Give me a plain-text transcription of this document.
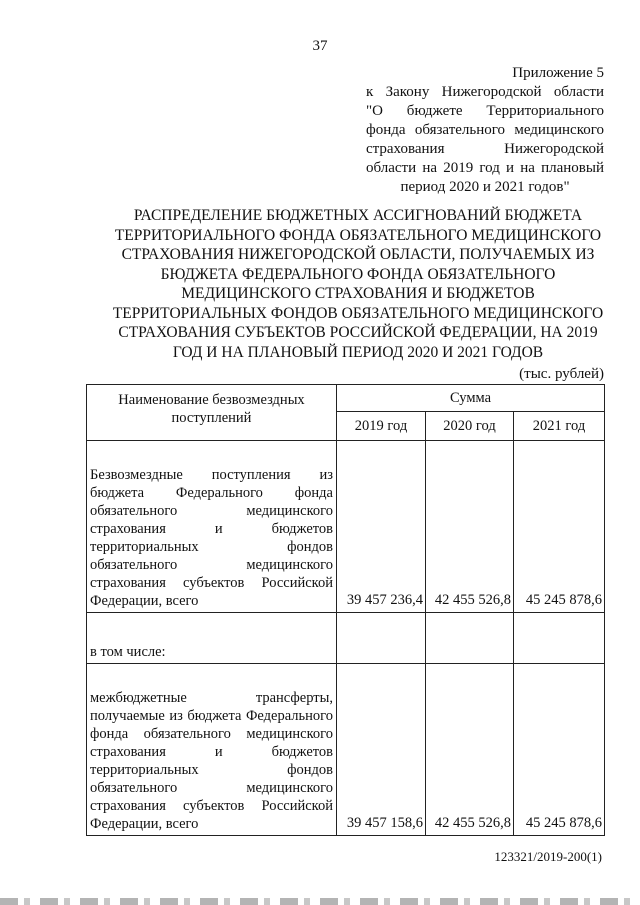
37
Приложение 5
к Закону Нижегородской области
"О бюджете Территориального
фонда обязательного медицинского
страхования Нижегородской
области на 2019 год и на плановый
период 2020 и 2021 годов"
РАСПРЕДЕЛЕНИЕ БЮДЖЕТНЫХ АССИГНОВАНИЙ БЮДЖЕТА
ТЕРРИТОРИАЛЬНОГО ФОНДА ОБЯЗАТЕЛЬНОГО МЕДИЦИНСКОГО
СТРАХОВАНИЯ НИЖЕГОРОДСКОЙ ОБЛАСТИ, ПОЛУЧАЕМЫХ ИЗ
БЮДЖЕТА ФЕДЕРАЛЬНОГО ФОНДА ОБЯЗАТЕЛЬНОГО
МЕДИЦИНСКОГО СТРАХОВАНИЯ И БЮДЖЕТОВ
ТЕРРИТОРИАЛЬНЫХ ФОНДОВ ОБЯЗАТЕЛЬНОГО МЕДИЦИНСКОГО
СТРАХОВАНИЯ СУБЪЕКТОВ РОССИЙСКОЙ ФЕДЕРАЦИИ, НА 2019
ГОД И НА ПЛАНОВЫЙ ПЕРИОД 2020 И 2021 ГОДОВ
(тыс. рублей)
Наименование безвозмездных поступлений	Сумма		
	2019 год	2020 год	2021 год
Безвозмездные поступления из бюджета Федерального фонда обязательного медицинского страхования и бюджетов территориальных фондов обязательного медицинского страхования субъектов Российской Федерации, всего	39 457 236,4	42 455 526,8	45 245 878,6
в том числе:			
межбюджетные трансферты, получаемые из бюджета Федерального фонда обязательного медицинского страхования и бюджетов территориальных фондов обязательного медицинского страхования субъектов Российской Федерации, всего	39 457 158,6	42 455 526,8	45 245 878,6
123321/2019-200(1)
